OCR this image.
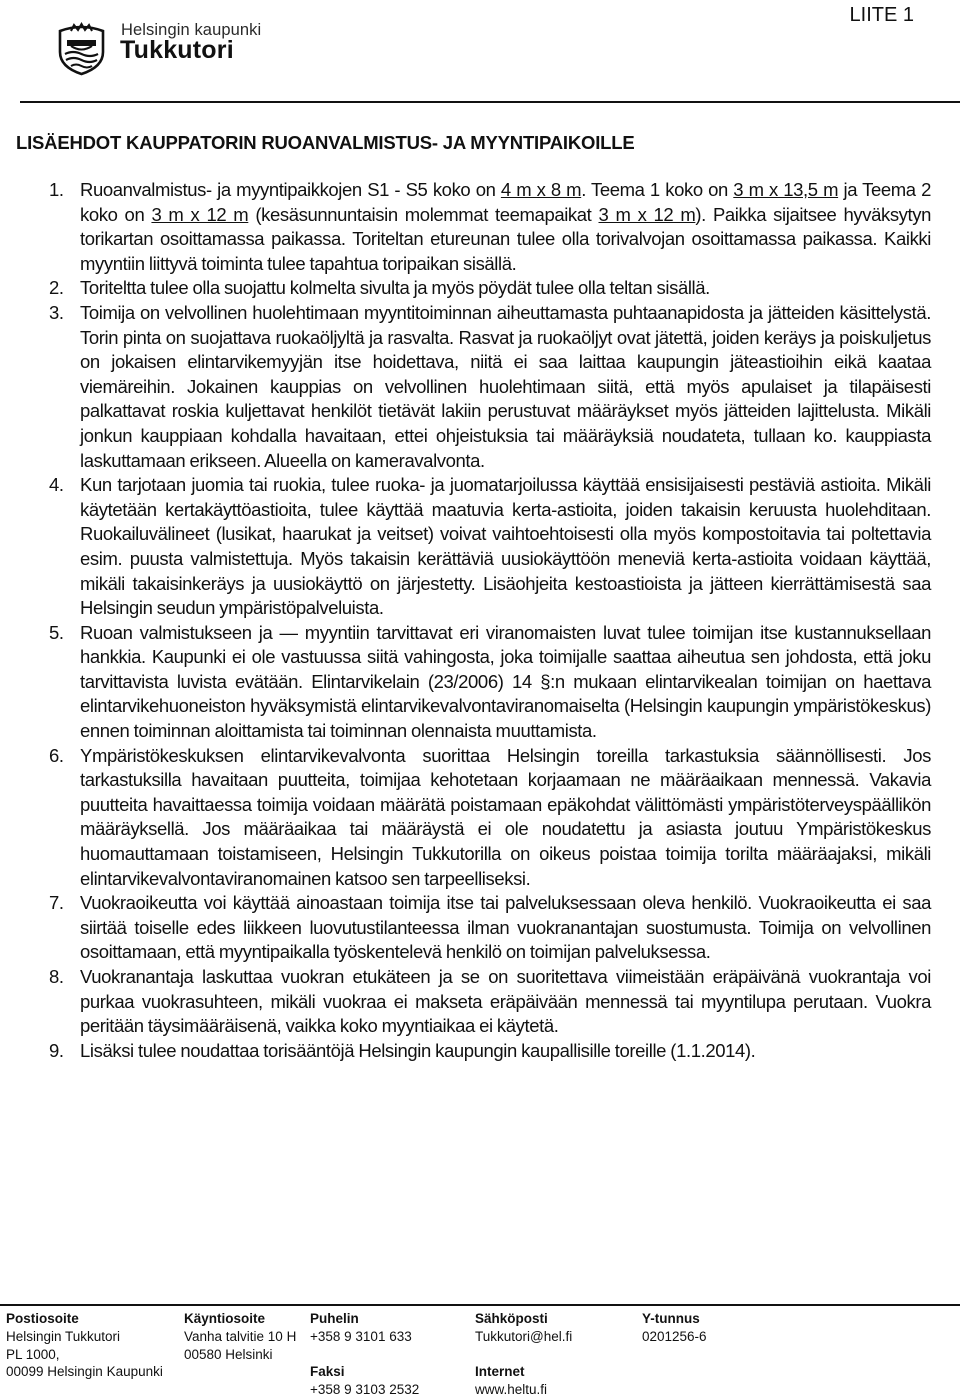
Helsingin kaupunki
Tukkutori
LIITE 1
LISÄEHDOT KAUPPATORIN RUOANVALMISTUS- JA MYYNTIPAIKOILLE
1. Ruoanvalmistus- ja myyntipaikkojen S1 - S5 koko on 4 m x 8 m. Teema 1 koko on 3 m x 13,5 m ja Teema 2 koko on 3 m x 12 m (kesäsunnuntaisin molemmat teemapaikat 3 m x 12 m). Paikka sijaitsee hyväksytyn torikartan osoittamassa paikassa. Toriteltan etureunan tulee olla torivalvojan osoittamassa paikassa. Kaikki myyntiin liittyvä toiminta tulee tapahtua toripaikan sisällä.
2. Toriteltta tulee olla suojattu kolmelta sivulta ja myös pöydät tulee olla teltan sisällä.
3. Toimija on velvollinen huolehtimaan myyntitoiminnan aiheuttamasta puhtaanapidosta ja jätteiden käsittelystä. Torin pinta on suojattava ruokaöljyltä ja rasvalta. Rasvat ja ruokaöljyt ovat jätettä, joiden keräys ja poiskuljetus on jokaisen elintarvikemyyjän itse hoidettava, niitä ei saa laittaa kaupungin jäteastioihin eikä kaataa viemäreihin. Jokainen kauppias on velvollinen huolehtimaan siitä, että myös apulaiset ja tilapäisesti palkattavat roskia kuljettavat henkilöt tietävät lakiin perustuvat määräykset myös jätteiden lajittelusta. Mikäli jonkun kauppiaan kohdalla havaitaan, ettei ohjeistuksia tai määräyksiä noudateta, tullaan ko. kauppiasta laskuttamaan erikseen. Alueella on kameravalvonta.
4. Kun tarjotaan juomia tai ruokia, tulee ruoka- ja juomatarjoilussa käyttää ensisijaisesti pestäviä astioita. Mikäli käytetään kertakäyttöastioita, tulee käyttää maatuvia kerta-astioita, joiden takaisin keruusta huolehditaan. Ruokailuvälineet (lusikat, haarukat ja veitset) voivat vaihtoehtoisesti olla myös kompostoitavia tai poltettavia esim. puusta valmistettuja. Myös takaisin kerättäviä uusiokäyttöön meneviä kerta-astioita voidaan käyttää, mikäli takaisinkeräys ja uusiokäyttö on järjestetty. Lisäohjeita kestoastioista ja jätteen kierrättämisestä saa Helsingin seudun ympäristöpalveluista.
5. Ruoan valmistukseen ja — myyntiin tarvittavat eri viranomaisten luvat tulee toimijan itse kustannuksellaan hankkia. Kaupunki ei ole vastuussa siitä vahingosta, joka toimijalle saattaa aiheutua sen johdosta, että joku tarvittavista luvista evätään. Elintarvikelain (23/2006) 14 §:n mukaan elintarvikealan toimijan on haettava elintarvikehuoneiston hyväksymistä elintarvikevalvontaviranomaiselta (Helsingin kaupungin ympäristökeskus) ennen toiminnan aloittamista tai toiminnan olennaista muuttamista.
6. Ympäristökeskuksen elintarvikevalvonta suorittaa Helsingin toreilla tarkastuksia säännöllisesti. Jos tarkastuksilla havaitaan puutteita, toimijaa kehotetaan korjaamaan ne määräaikaan mennessä. Vakavia puutteita havaittaessa toimija voidaan määrätä poistamaan epäkohdat välittömästi ympäristöterveyspäällikön määräyksellä. Jos määräaikaa tai määräystä ei ole noudatettu ja asiasta joutuu Ympäristökeskus huomauttamaan toistamiseen, Helsingin Tukkutorilla on oikeus poistaa toimija torilta määräajaksi, mikäli elintarvikevalvontaviranomainen katsoo sen tarpeelliseksi.
7. Vuokraoikeutta voi käyttää ainoastaan toimija itse tai palveluksessaan oleva henkilö. Vuokraoikeutta ei saa siirtää toiselle edes liikkeen luovutustilanteessa ilman vuokranantajan suostumusta. Toimija on velvollinen osoittamaan, että myyntipaikalla työskentelevä henkilö on toimijan palveluksessa.
8. Vuokranantaja laskuttaa vuokran etukäteen ja se on suoritettava viimeistään eräpäivänä vuokrantaja voi purkaa vuokrasuhteen, mikäli vuokraa ei makseta eräpäivään mennessä tai myyntilupa perutaan. Vuokra peritään täysimääräisenä, vaikka koko myyntiaikaa ei käytetä.
9. Lisäksi tulee noudattaa torisääntöjä Helsingin kaupungin kaupallisille toreille (1.1.2014).
Postiosoite
Helsingin Tukkutori
PL 1000,
00099 Helsingin Kaupunki
Käyntiosoite
Vanha talvitie 10 H
00580 Helsinki
Puhelin
+358 9 3101 633
Faksi
+358 9 3103 2532
Sähköposti
Tukkutori@hel.fi
Internet
www.heltu.fi
Y-tunnus
0201256-6
